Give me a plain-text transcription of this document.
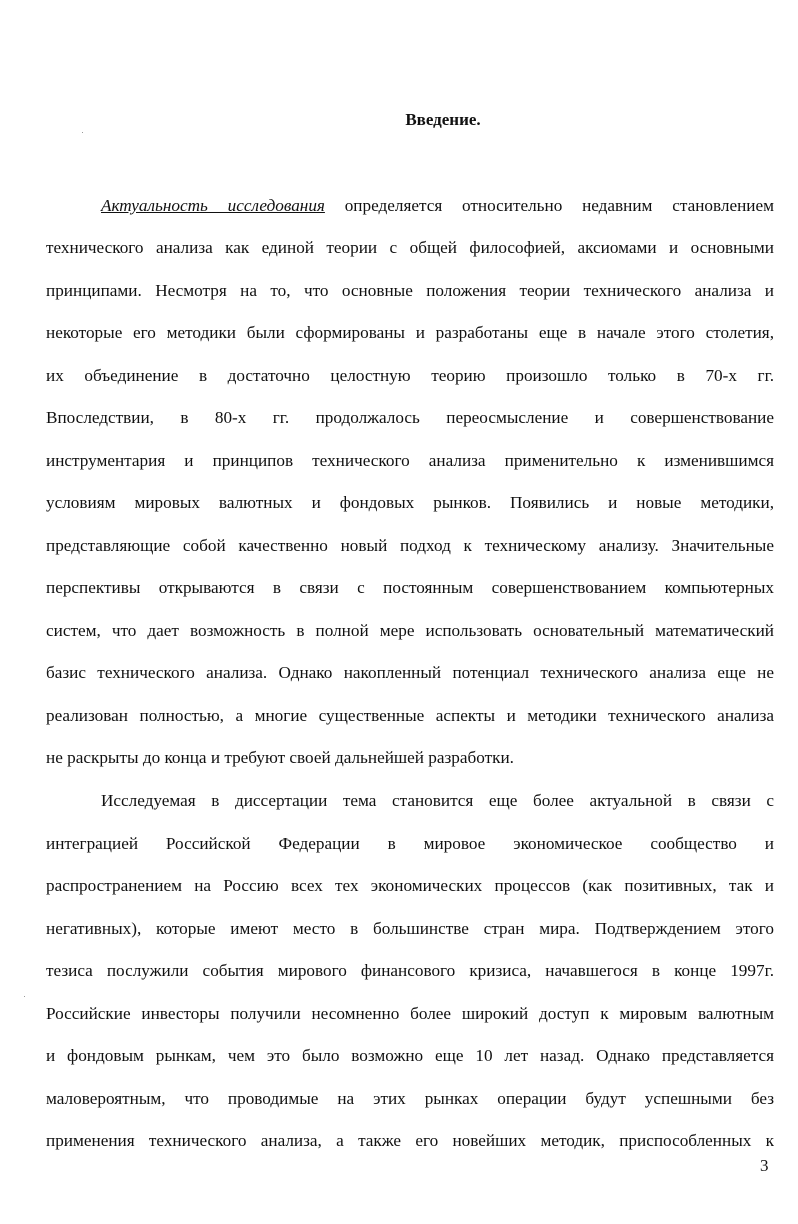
Введение.
Актуальность исследования определяется относительно недавним становлением
технического анализа как единой теории с общей философией, аксиомами и основными
принципами. Несмотря на то, что основные положения теории технического анализа и
некоторые его методики были сформированы и разработаны еще в начале этого столетия,
их объединение в достаточно целостную теорию произошло только в 70-х гг.
Впоследствии, в 80-х гг. продолжалось переосмысление и совершенствование
инструментария и принципов технического анализа применительно к изменившимся
условиям мировых валютных и фондовых рынков. Появились и новые методики,
представляющие собой качественно новый подход к техническому анализу. Значительные
перспективы открываются в связи с постоянным совершенствованием компьютерных
систем, что дает возможность в полной мере использовать основательный математический
базис технического анализа. Однако накопленный потенциал технического анализа еще не
реализован полностью, а многие существенные аспекты и методики технического анализа
не раскрыты до конца и требуют своей дальнейшей разработки.
Исследуемая в диссертации тема становится еще более актуальной в связи с
интеграцией Российской Федерации в мировое экономическое сообщество и
распространением на Россию всех тех экономических процессов (как позитивных, так и
негативных), которые имеют место в большинстве стран мира. Подтверждением этого
тезиса послужили события мирового финансового кризиса, начавшегося в конце 1997г.
Российские инвесторы получили несомненно более широкий доступ к мировым валютным
и фондовым рынкам, чем это было возможно еще 10 лет назад. Однако представляется
маловероятным, что проводимые на этих рынках операции будут успешными без
применения технического анализа, а также его новейших методик, приспособленных к
3
